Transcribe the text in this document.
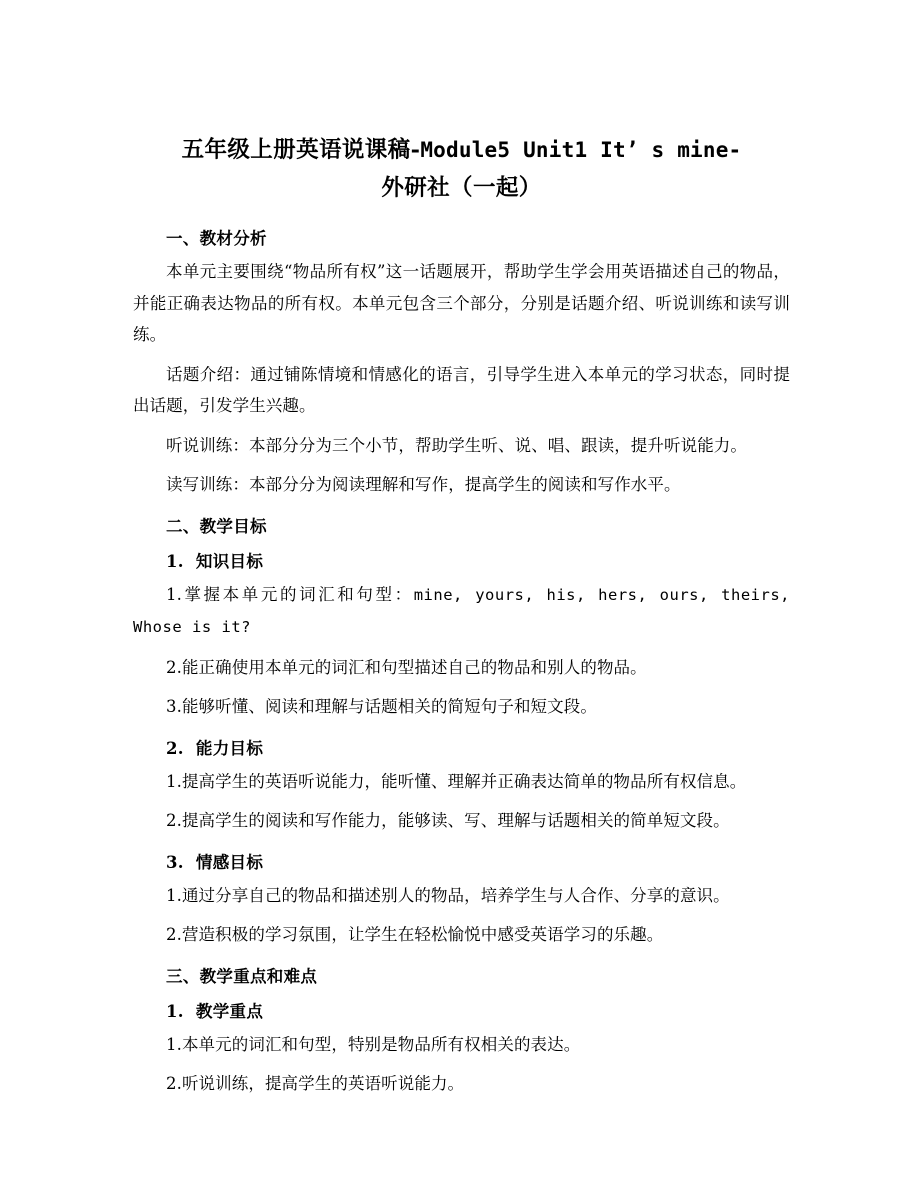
五年级上册英语说课稿-Module5 Unit1 It’ s mine-
外研社（一起）
一、教材分析

本单元主要围绕“物品所有权”这一话题展开，帮助学生学会用英语描述自己的物品，并能正确表达物品的所有权。本单元包含三个部分，分别是话题介绍、听说训练和读写训练。

话题介绍：通过铺陈情境和情感化的语言，引导学生进入本单元的学习状态，同时提出话题，引发学生兴趣。

听说训练：本部分分为三个小节，帮助学生听、说、唱、跟读，提升听说能力。

读写训练：本部分分为阅读理解和写作，提高学生的阅读和写作水平。

二、教学目标
1. 知识目标

1.掌握本单元的词汇和句型：mine, yours, his, hers, ours, theirs, Whose is it?

2.能正确使用本单元的词汇和句型描述自己的物品和别人的物品。

3.能够听懂、阅读和理解与话题相关的简短句子和短文段。

2. 能力目标

1.提高学生的英语听说能力，能听懂、理解并正确表达简单的物品所有权信息。

2.提高学生的阅读和写作能力，能够读、写、理解与话题相关的简单短文段。

3. 情感目标

1.通过分享自己的物品和描述别人的物品，培养学生与人合作、分享的意识。

2.营造积极的学习氛围，让学生在轻松愉悦中感受英语学习的乐趣。

三、教学重点和难点
1. 教学重点

1.本单元的词汇和句型，特别是物品所有权相关的表达。

2.听说训练，提高学生的英语听说能力。
